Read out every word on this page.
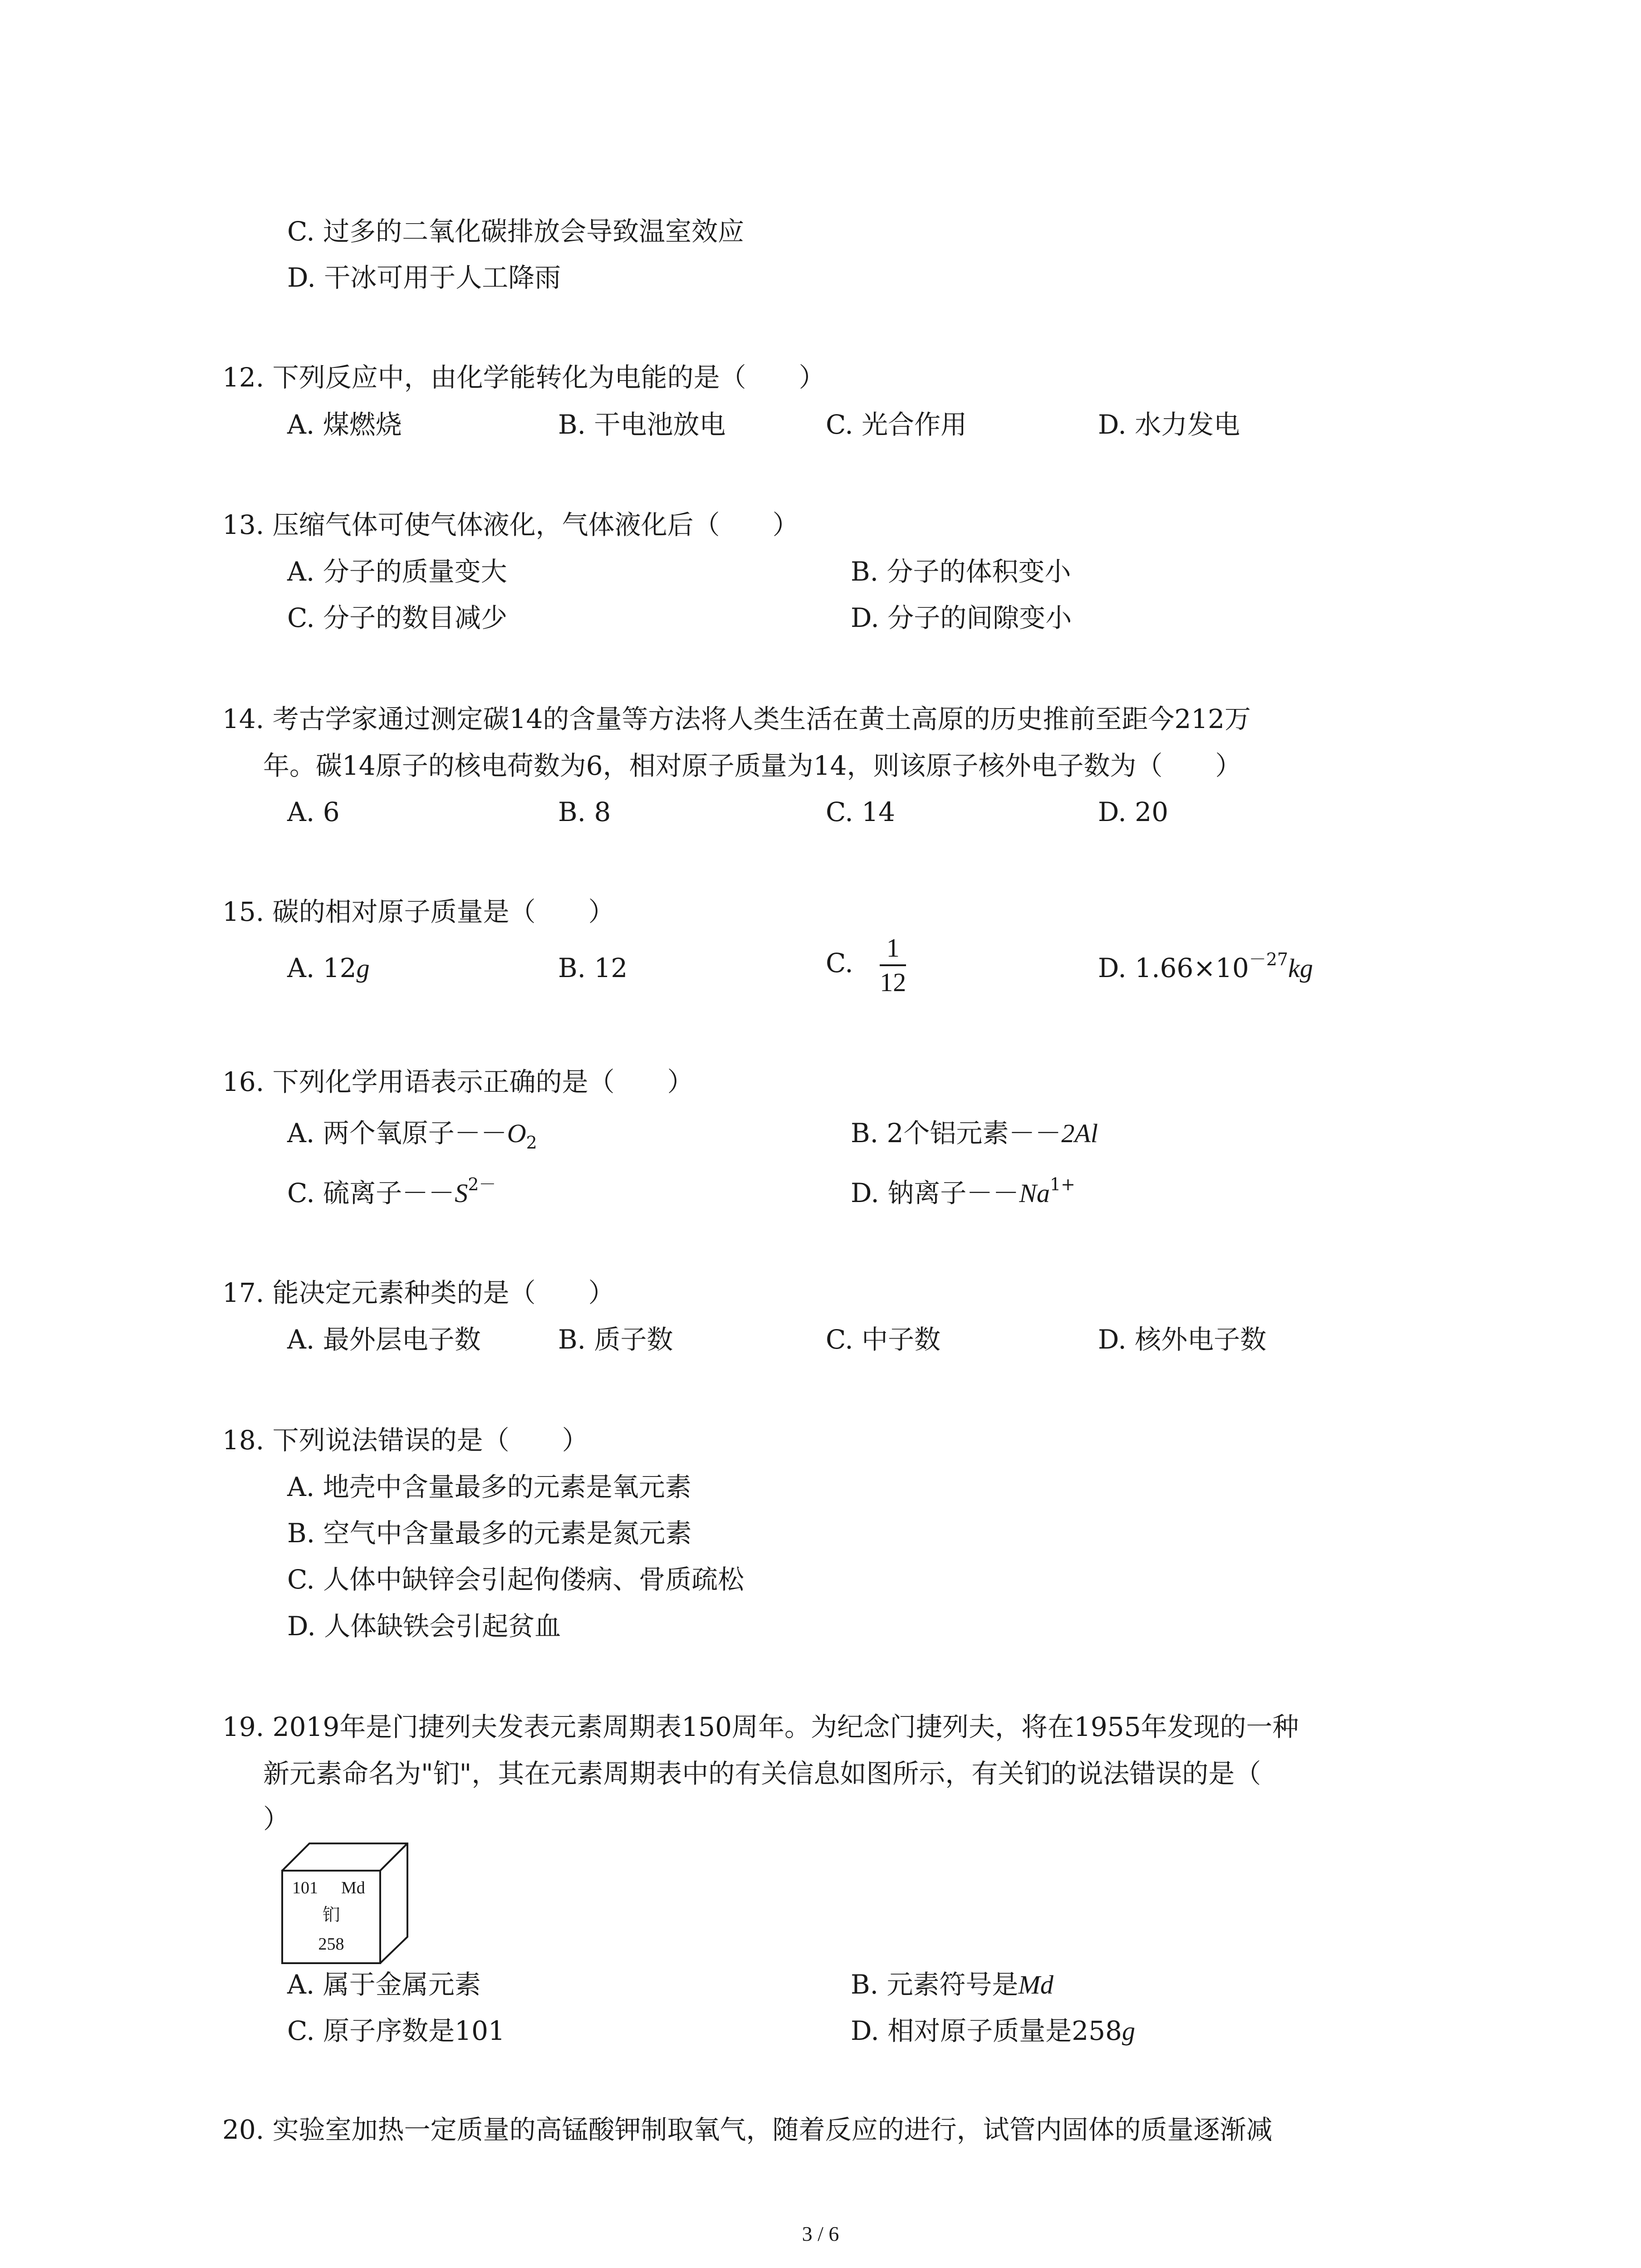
C. 过多的二氧化碳排放会导致温室效应
D. 干冰可用于人工降雨
12. 下列反应中，由化学能转化为电能的是（　　）
A. 煤燃烧	B. 干电池放电	C. 光合作用	D. 水力发电
13. 压缩气体可使气体液化，气体液化后（　　）
A. 分子的质量变大	B. 分子的体积变小
C. 分子的数目减少	D. 分子的间隙变小
14. 考古学家通过测定碳14的含量等方法将人类生活在黄土高原的历史推前至距今212万
年。碳14原子的核电荷数为6，相对原子质量为14，则该原子核外电子数为（　　）
A. 6	B. 8	C. 14	D. 20
15. 碳的相对原子质量是（　　）
A. 12g	B. 12	C. $\frac{1}{12}$	D. $1.66\times 10^{-27}kg$
16. 下列化学用语表示正确的是（　　）
A. 两个氧原子$--O_2$	B. 2个铝元素－－2Al
C. 硫离子$--S^{2-}$	D. 钠离子$--Na^{1+}$
17. 能决定元素种类的是（　　）
A. 最外层电子数	B. 质子数	C. 中子数	D. 核外电子数
18. 下列说法错误的是（　　）
A. 地壳中含量最多的元素是氧元素
B. 空气中含量最多的元素是氮元素
C. 人体中缺锌会引起佝偻病、骨质疏松
D. 人体缺铁会引起贫血
19. 2019年是门捷列夫发表元素周期表150周年。为纪念门捷列夫，将在1955年发现的一种
新元素命名为"钔"，其在元素周期表中的有关信息如图所示，有关钔的说法错误的是（
）
101 Md
钔
258
A. 属于金属元素	B. 元素符号是Md
C. 原子序数是101	D. 相对原子质量是258g
20. 实验室加热一定质量的高锰酸钾制取氧气，随着反应的进行，试管内固体的质量逐渐减
3 / 6
